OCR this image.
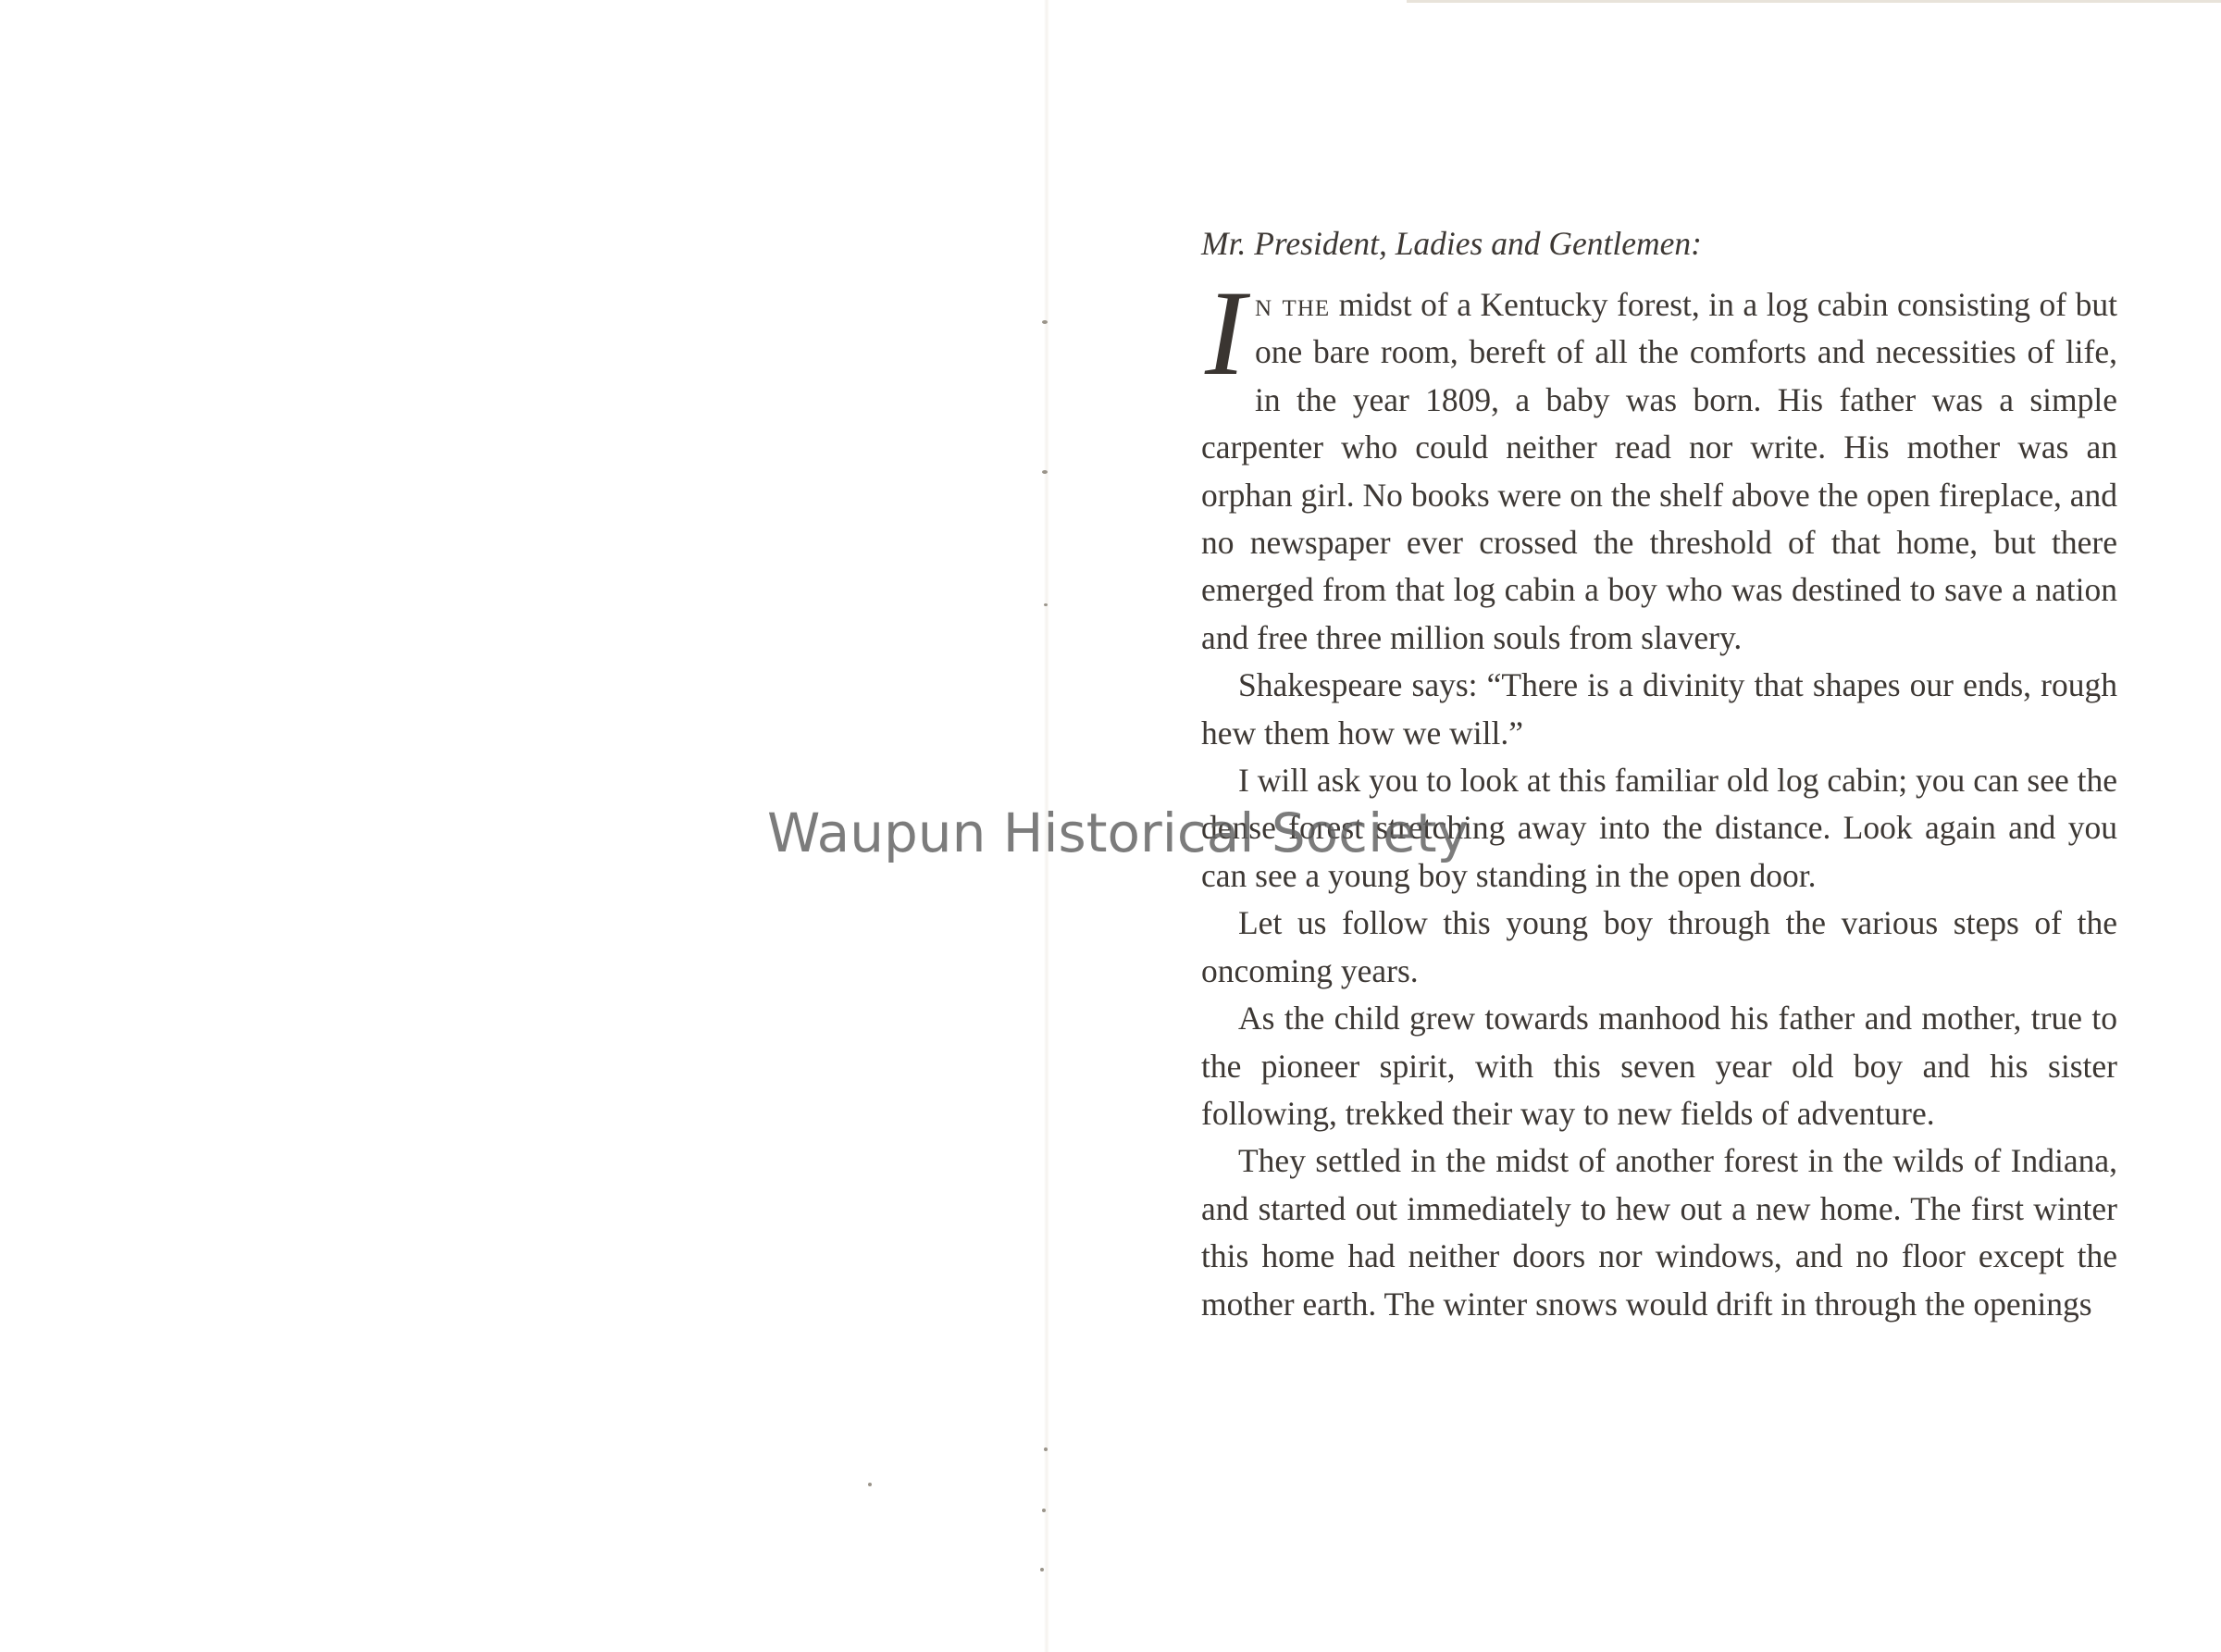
Mr. President, Ladies and Gentlemen:

In the midst of a Kentucky forest, in a log cabin consisting of but one bare room, bereft of all the comforts and necessities of life, in the year 1809, a baby was born. His father was a simple carpenter who could neither read nor write. His mother was an orphan girl. No books were on the shelf above the open fireplace, and no newspaper ever crossed the threshold of that home, but there emerged from that log cabin a boy who was destined to save a nation and free three million souls from slavery.

Shakespeare says: “There is a divinity that shapes our ends, rough hew them how we will.”

I will ask you to look at this familiar old log cabin; you can see the dense forest stretching away into the distance. Look again and you can see a young boy standing in the open door.

Let us follow this young boy through the various steps of the oncoming years.

As the child grew towards manhood his father and mother, true to the pioneer spirit, with this seven year old boy and his sister following, trekked their way to new fields of adventure.

They settled in the midst of another forest in the wilds of Indiana, and started out immediately to hew out a new home. The first winter this home had neither doors nor windows, and no floor except the mother earth. The winter snows would drift in through the openings

Waupun Historical Society
